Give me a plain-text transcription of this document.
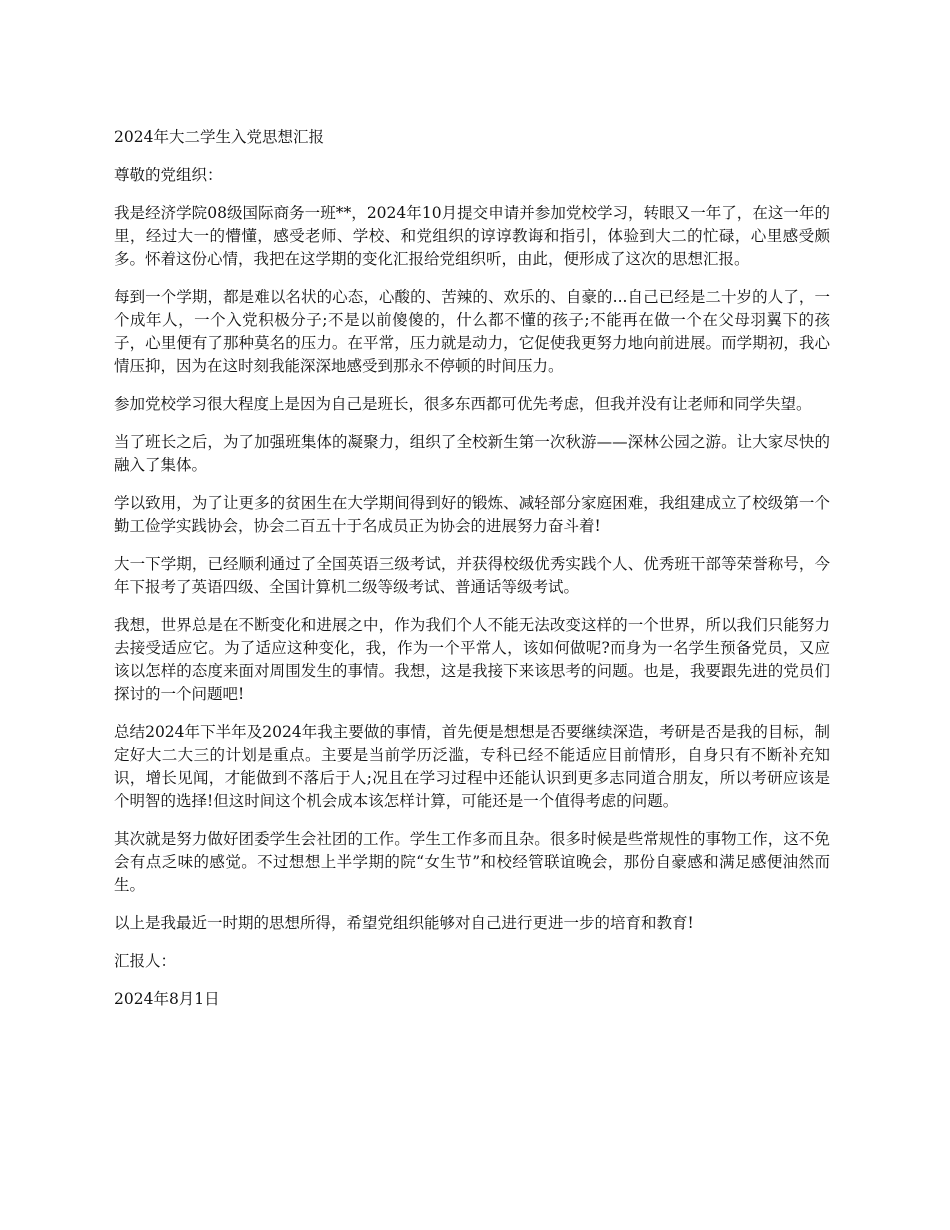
2024年大二学生入党思想汇报

尊敬的党组织：

我是经济学院08级国际商务一班**，2024年10月提交申请并参加党校学习，转眼又一年了，在这一年的里，经过大一的懵懂，感受老师、学校、和党组织的谆谆教诲和指引，体验到大二的忙碌，心里感受颇多。怀着这份心情，我把在这学期的变化汇报给党组织听，由此，便形成了这次的思想汇报。

每到一个学期，都是难以名状的心态，心酸的、苦辣的、欢乐的、自豪的...自己已经是二十岁的人了，一个成年人，一个入党积极分子;不是以前傻傻的，什么都不懂的孩子;不能再在做一个在父母羽翼下的孩子，心里便有了那种莫名的压力。在平常，压力就是动力，它促使我更努力地向前进展。而学期初，我心情压抑，因为在这时刻我能深深地感受到那永不停顿的时间压力。

参加党校学习很大程度上是因为自己是班长，很多东西都可优先考虑，但我并没有让老师和同学失望。

当了班长之后，为了加强班集体的凝聚力，组织了全校新生第一次秋游——深林公园之游。让大家尽快的融入了集体。

学以致用，为了让更多的贫困生在大学期间得到好的锻炼、减轻部分家庭困难，我组建成立了校级第一个勤工俭学实践协会，协会二百五十于名成员正为协会的进展努力奋斗着!

大一下学期，已经顺利通过了全国英语三级考试，并获得校级优秀实践个人、优秀班干部等荣誉称号，今年下报考了英语四级、全国计算机二级等级考试、普通话等级考试。

我想，世界总是在不断变化和进展之中，作为我们个人不能无法改变这样的一个世界，所以我们只能努力去接受适应它。为了适应这种变化，我，作为一个平常人，该如何做呢?而身为一名学生预备党员，又应该以怎样的态度来面对周围发生的事情。我想，这是我接下来该思考的问题。也是，我要跟先进的党员们探讨的一个问题吧!

总结2024年下半年及2024年我主要做的事情，首先便是想想是否要继续深造，考研是否是我的目标，制定好大二大三的计划是重点。主要是当前学历泛滥，专科已经不能适应目前情形，自身只有不断补充知识，增长见闻，才能做到不落后于人;况且在学习过程中还能认识到更多志同道合朋友，所以考研应该是个明智的选择!但这时间这个机会成本该怎样计算，可能还是一个值得考虑的问题。

其次就是努力做好团委学生会社团的工作。学生工作多而且杂。很多时候是些常规性的事物工作，这不免会有点乏味的感觉。不过想想上半学期的院“女生节”和校经管联谊晚会，那份自豪感和满足感便油然而生。

以上是我最近一时期的思想所得，希望党组织能够对自己进行更进一步的培育和教育!

汇报人：

2024年8月1日
